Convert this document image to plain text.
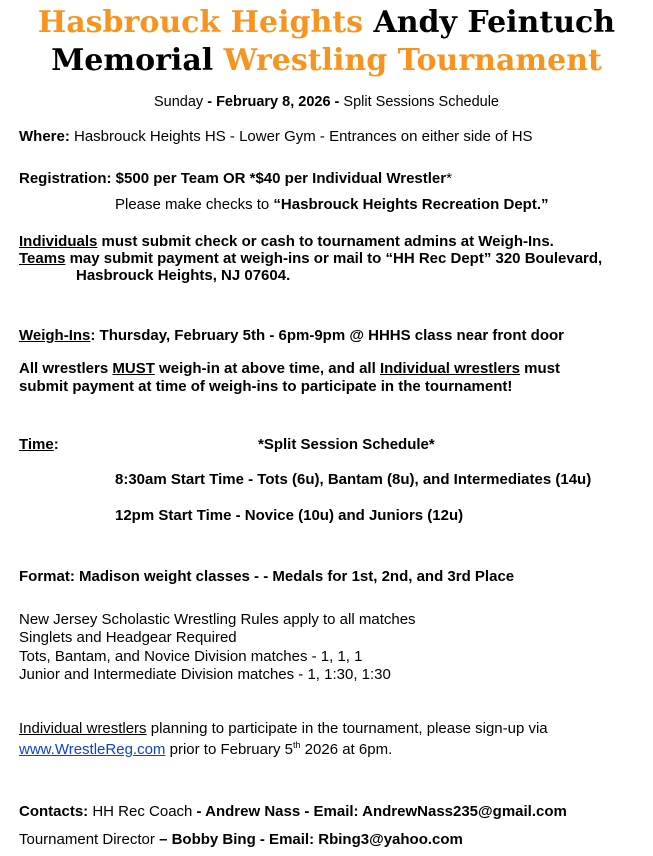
Hasbrouck Heights Andy Feintuch
Memorial Wrestling Tournament
Sunday - February 8, 2026 - Split Sessions Schedule
Where: Hasbrouck Heights HS - Lower Gym - Entrances on either side of HS
Registration: $500 per Team OR *$40 per Individual Wrestler*
Please make checks to “Hasbrouck Heights Recreation Dept.”
Individuals must submit check or cash to tournament admins at Weigh-Ins.
Teams may submit payment at weigh-ins or mail to “HH Rec Dept” 320 Boulevard,
Hasbrouck Heights, NJ 07604.
Weigh-Ins: Thursday, February 5th - 6pm-9pm @ HHHS class near front door
All wrestlers MUST weigh-in at above time, and all Individual wrestlers must
submit payment at time of weigh-ins to participate in the tournament!
Time:	*Split Session Schedule*
8:30am Start Time - Tots (6u), Bantam (8u), and Intermediates (14u)
12pm Start Time - Novice (10u) and Juniors (12u)
Format: Madison weight classes - - Medals for 1st, 2nd, and 3rd Place
New Jersey Scholastic Wrestling Rules apply to all matches
Singlets and Headgear Required
Tots, Bantam, and Novice Division matches - 1, 1, 1
Junior and Intermediate Division matches - 1, 1:30, 1:30
Individual wrestlers planning to participate in the tournament, please sign-up via
www.WrestleReg.com prior to February 5th 2026 at 6pm.
Contacts: HH Rec Coach - Andrew Nass - Email: AndrewNass235@gmail.com
Tournament Director – Bobby Bing - Email: Rbing3@yahoo.com
